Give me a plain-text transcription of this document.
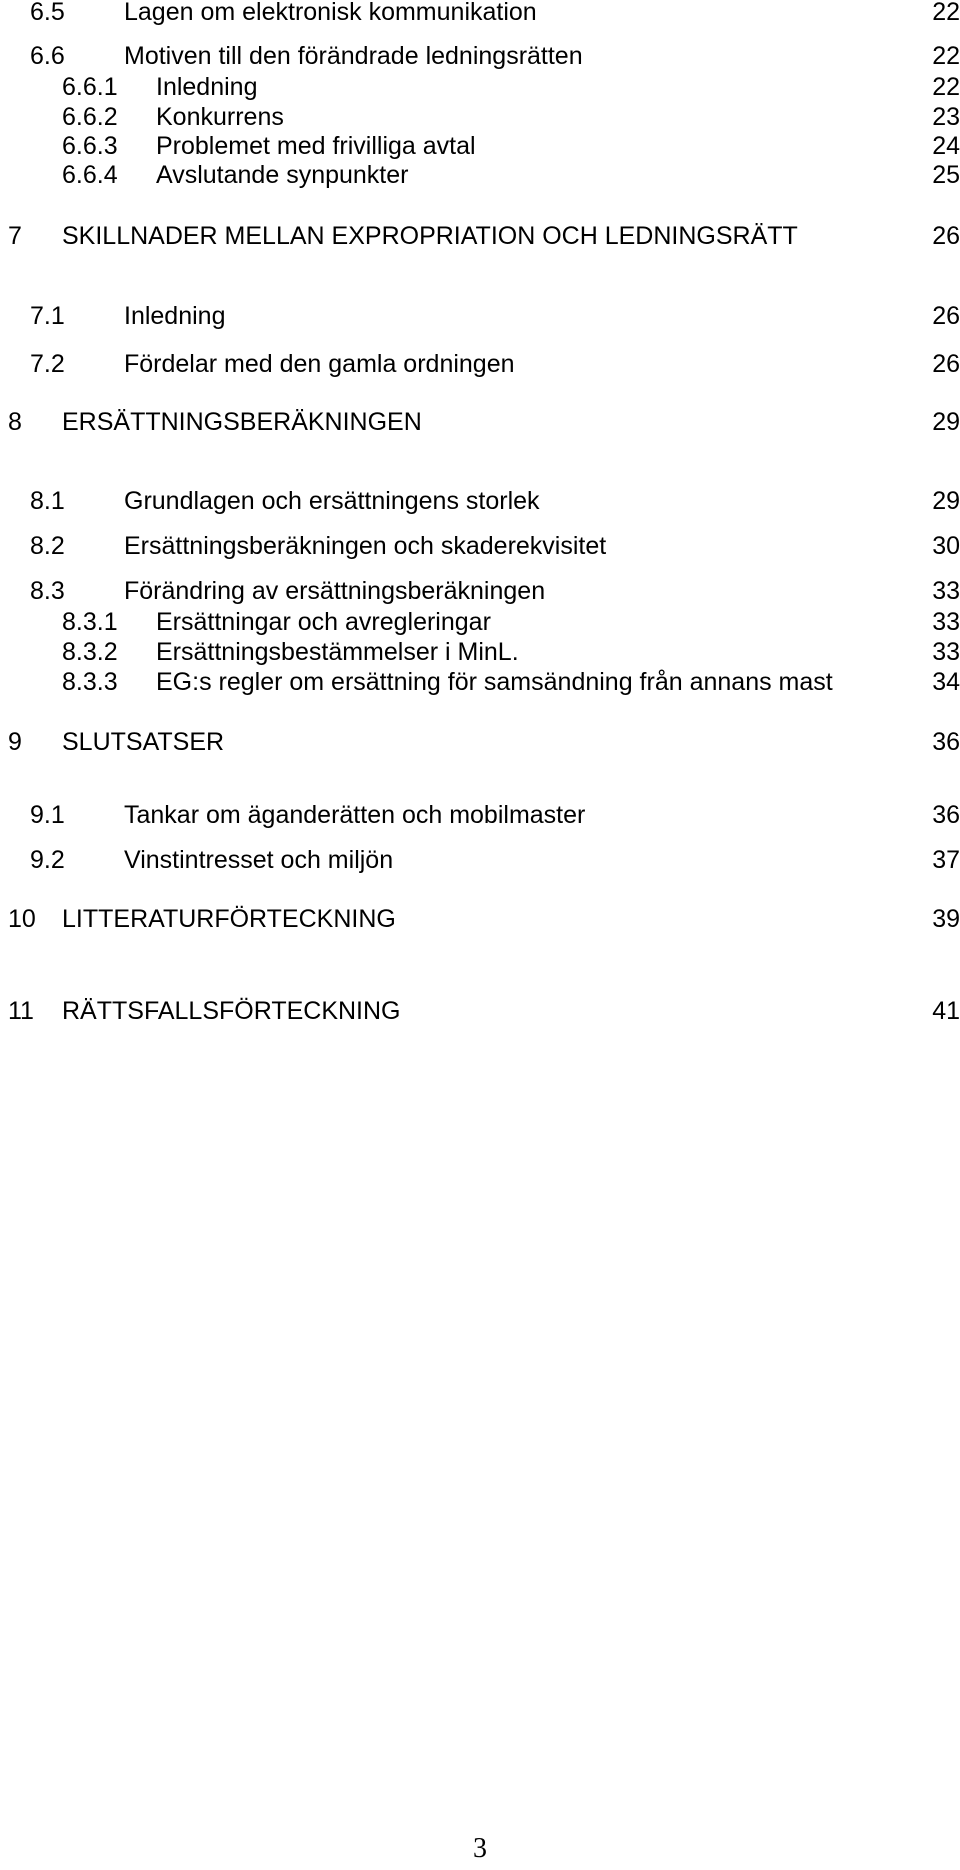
6.5 Lagen om elektronisk kommunikation	22
6.6 Motiven till den förändrade ledningsrätten	22
6.6.1 Inledning	22
6.6.2 Konkurrens	23
6.6.3 Problemet med frivilliga avtal	24
6.6.4 Avslutande synpunkter	25
7 SKILLNADER MELLAN EXPROPRIATION OCH LEDNINGSRÄTT	26
7.1 Inledning	26
7.2 Fördelar med den gamla ordningen	26
8 ERSÄTTNINGSBERÄKNINGEN	29
8.1 Grundlagen och ersättningens storlek	29
8.2 Ersättningsberäkningen och skaderekvisitet	30
8.3 Förändring av ersättningsberäkningen	33
8.3.1 Ersättningar och avregleringar	33
8.3.2 Ersättningsbestämmelser i MinL.	33
8.3.3 EG:s regler om ersättning för samsändning från annans mast	34
9 SLUTSATSER	36
9.1 Tankar om äganderätten och mobilmaster	36
9.2 Vinstintresset och miljön	37
10 LITTERATURFÖRTECKNING	39
11 RÄTTSFALLSFÖRTECKNING	41
3
